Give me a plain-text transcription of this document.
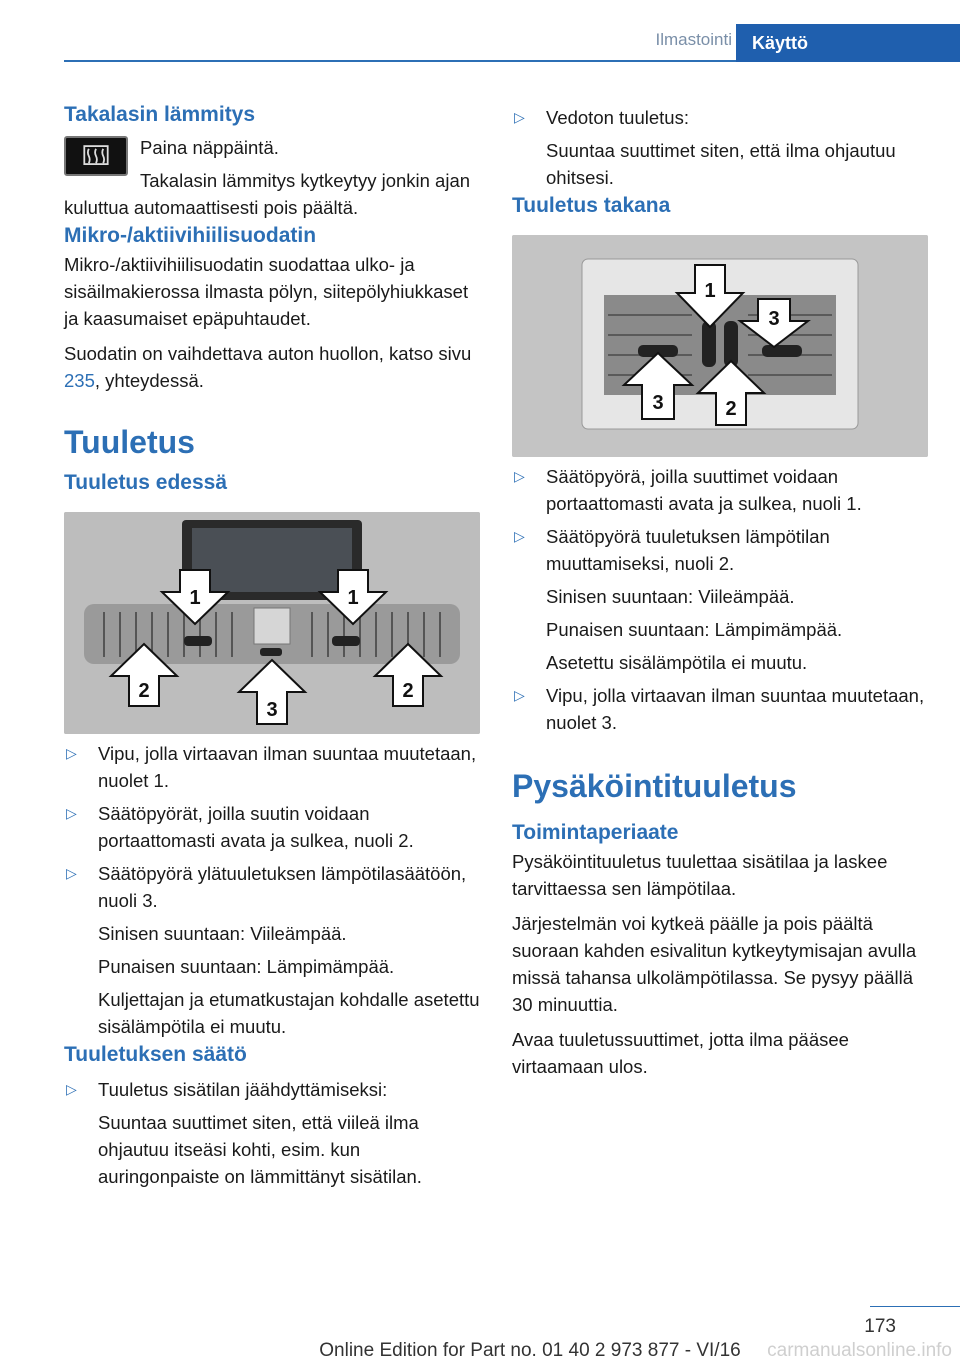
Ilmastointi	Käyttö
Takalasin lämmitys

Paina näppäintä.

Takalasin lämmitys kytkeytyy jonkin ajan kuluttua automaattisesti pois päältä.

Mikro-/aktiivihiilisuodatin

Mikro-/aktiivihiilisuodatin suodattaa ulko- ja sisäilmakierossa ilmasta pölyn, siitepölyhiukkaset ja kaasumaiset epäpuhtaudet.

Suodatin on vaihdettava auton huollon, katso sivu 235, yhteydessä.

Tuuletus
Tuuletus edessä
1	1
2
3
2
▷ Vipu, jolla virtaavan ilman suuntaa muutetaan, nuolet 1.

▷ Säätöpyörät, joilla suutin voidaan portaattomasti avata ja sulkea, nuoli 2.

▷ Säätöpyörä ylätuuletuksen lämpötilasäätöön, nuoli 3.

Sinisen suuntaan: Viileämpää.

Punaisen suuntaan: Lämpimämpää.

Kuljettajan ja etumatkustajan kohdalle asetettu sisälämpötila ei muutu.

Tuuletuksen säätö
▷ Tuuletus sisätilan jäähdyttämiseksi:

Suuntaa suuttimet siten, että viileä ilma ohjautuu itseäsi kohti, esim. kun auringonpaiste on lämmittänyt sisätilan.

▷ Vedoton tuuletus:

Suuntaa suuttimet siten, että ilma ohjautuu ohitsesi.

Tuuletus takana
1
3
3	2
▷ Säätöpyörä, joilla suuttimet voidaan portaattomasti avata ja sulkea, nuoli 1.

▷ Säätöpyörä tuuletuksen lämpötilan muuttamiseksi, nuoli 2.

Sinisen suuntaan: Viileämpää.

Punaisen suuntaan: Lämpimämpää.

Asetettu sisälämpötila ei muutu.

▷ Vipu, jolla virtaavan ilman suuntaa muutetaan, nuolet 3.

Pysäköintituuletus
Toimintaperiaate

Pysäköintituuletus tuulettaa sisätilaa ja laskee tarvittaessa sen lämpötilaa.

Järjestelmän voi kytkeä päälle ja pois päältä suoraan kahden esivalitun kytkeytymisajan avulla missä tahansa ulkolämpötilassa. Se pysyy päällä 30 minuuttia.

Avaa tuuletussuuttimet, jotta ilma pääsee virtaamaan ulos.

173
Online Edition for Part no. 01 40 2 973 877 - VI/16	carmanualsonline.info
